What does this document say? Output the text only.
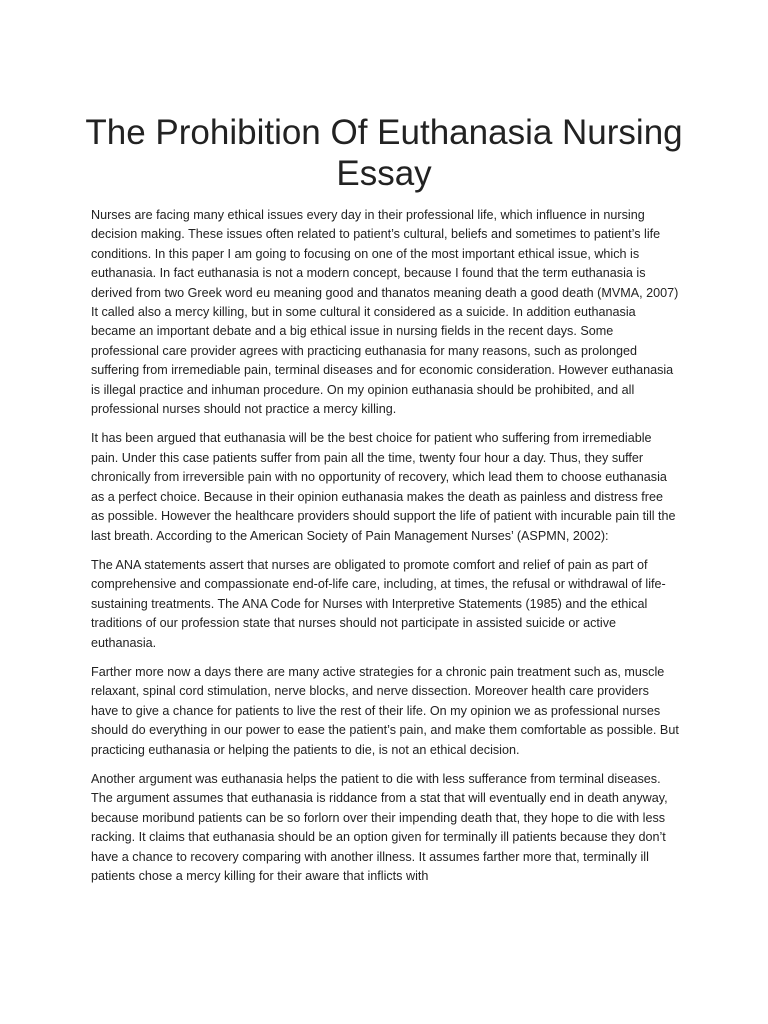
The Prohibition Of Euthanasia Nursing Essay

Nurses are facing many ethical issues every day in their professional life, which influence in nursing decision making. These issues often related to patient’s cultural, beliefs and sometimes to patient’s life conditions. In this paper I am going to focusing on one of the most important ethical issue, which is euthanasia. In fact euthanasia is not a modern concept, because I found that the term euthanasia is derived from two Greek word eu meaning good and thanatos meaning death a good death (MVMA, 2007) It called also a mercy killing, but in some cultural it considered as a suicide. In addition euthanasia became an important debate and a big ethical issue in nursing fields in the recent days. Some professional care provider agrees with practicing euthanasia for many reasons, such as prolonged suffering from irremediable pain, terminal diseases and for economic consideration. However euthanasia is illegal practice and inhuman procedure. On my opinion euthanasia should be prohibited, and all professional nurses should not practice a mercy killing.

It has been argued that euthanasia will be the best choice for patient who suffering from irremediable pain. Under this case patients suffer from pain all the time, twenty four hour a day. Thus, they suffer chronically from irreversible pain with no opportunity of recovery, which lead them to choose euthanasia as a perfect choice. Because in their opinion euthanasia makes the death as painless and distress free as possible. However the healthcare providers should support the life of patient with incurable pain till the last breath. According to the American Society of Pain Management Nurses’ (ASPMN, 2002):

The ANA statements assert that nurses are obligated to promote comfort and relief of pain as part of comprehensive and compassionate end-of-life care, including, at times, the refusal or withdrawal of life-sustaining treatments. The ANA Code for Nurses with Interpretive Statements (1985) and the ethical traditions of our profession state that nurses should not participate in assisted suicide or active euthanasia.

Farther more now a days there are many active strategies for a chronic pain treatment such as, muscle relaxant, spinal cord stimulation, nerve blocks, and nerve dissection. Moreover health care providers have to give a chance for patients to live the rest of their life. On my opinion we as professional nurses should do everything in our power to ease the patient’s pain, and make them comfortable as possible. But practicing euthanasia or helping the patients to die, is not an ethical decision.

Another argument was euthanasia helps the patient to die with less sufferance from terminal diseases. The argument assumes that euthanasia is riddance from a stat that will eventually end in death anyway, because moribund patients can be so forlorn over their impending death that, they hope to die with less racking. It claims that euthanasia should be an option given for terminally ill patients because they don’t have a chance to recovery comparing with another illness. It assumes farther more that, terminally ill patients chose a mercy killing for their aware that inflicts with
